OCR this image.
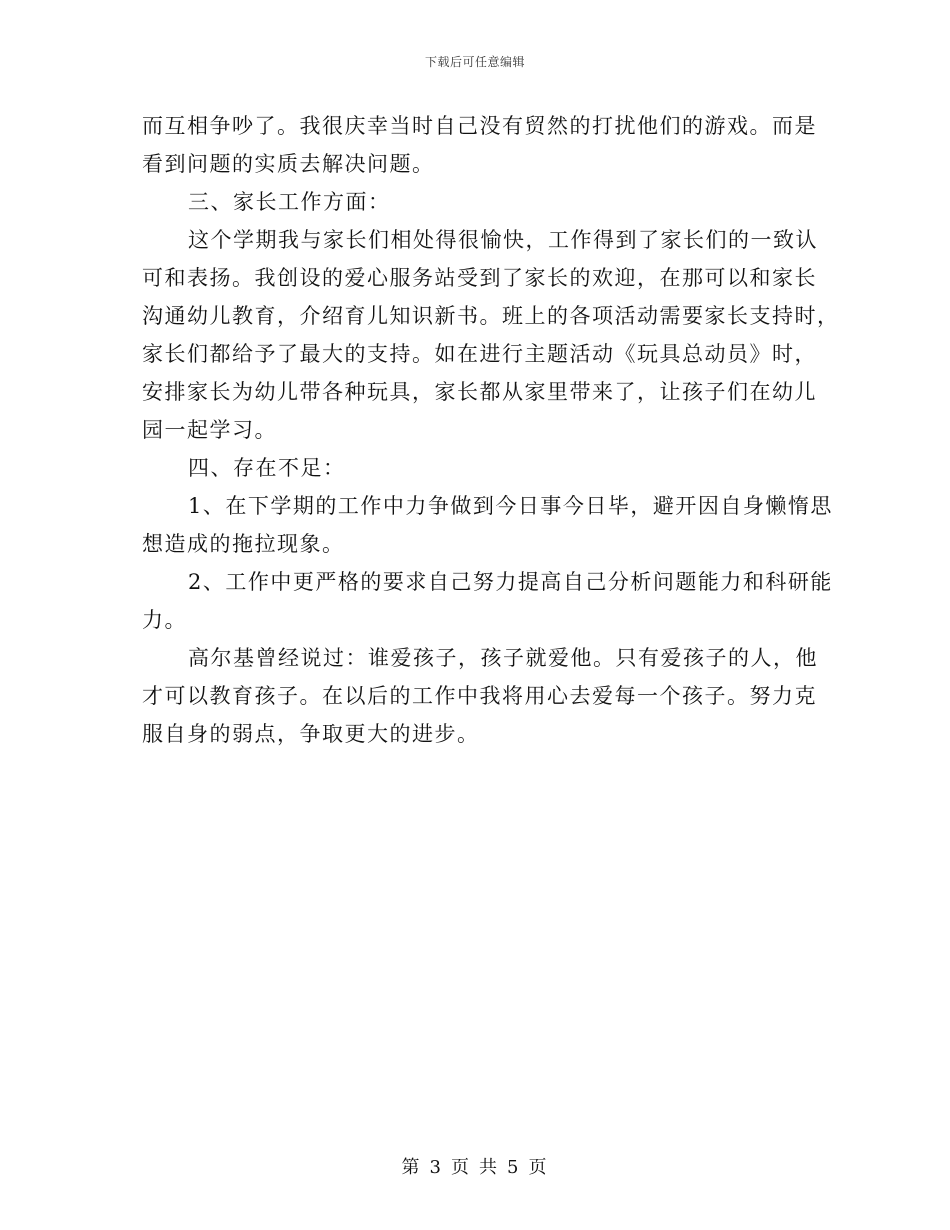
下载后可任意编辑

而互相争吵了。我很庆幸当时自己没有贸然的打扰他们的游戏。而是

看到问题的实质去解决问题。

三、家长工作方面：

这个学期我与家长们相处得很愉快，工作得到了家长们的一致认

可和表扬。我创设的爱心服务站受到了家长的欢迎，在那可以和家长

沟通幼儿教育，介绍育儿知识新书。班上的各项活动需要家长支持时，

家长们都给予了最大的支持。如在进行主题活动《玩具总动员》时，

安排家长为幼儿带各种玩具，家长都从家里带来了，让孩子们在幼儿

园一起学习。

四、存在不足：

1、在下学期的工作中力争做到今日事今日毕，避开因自身懒惰思

想造成的拖拉现象。

2、工作中更严格的要求自己努力提高自己分析问题能力和科研能

力。

高尔基曾经说过：谁爱孩子，孩子就爱他。只有爱孩子的人，他

才可以教育孩子。在以后的工作中我将用心去爱每一个孩子。努力克

服自身的弱点，争取更大的进步。

第 3 页 共 5 页
